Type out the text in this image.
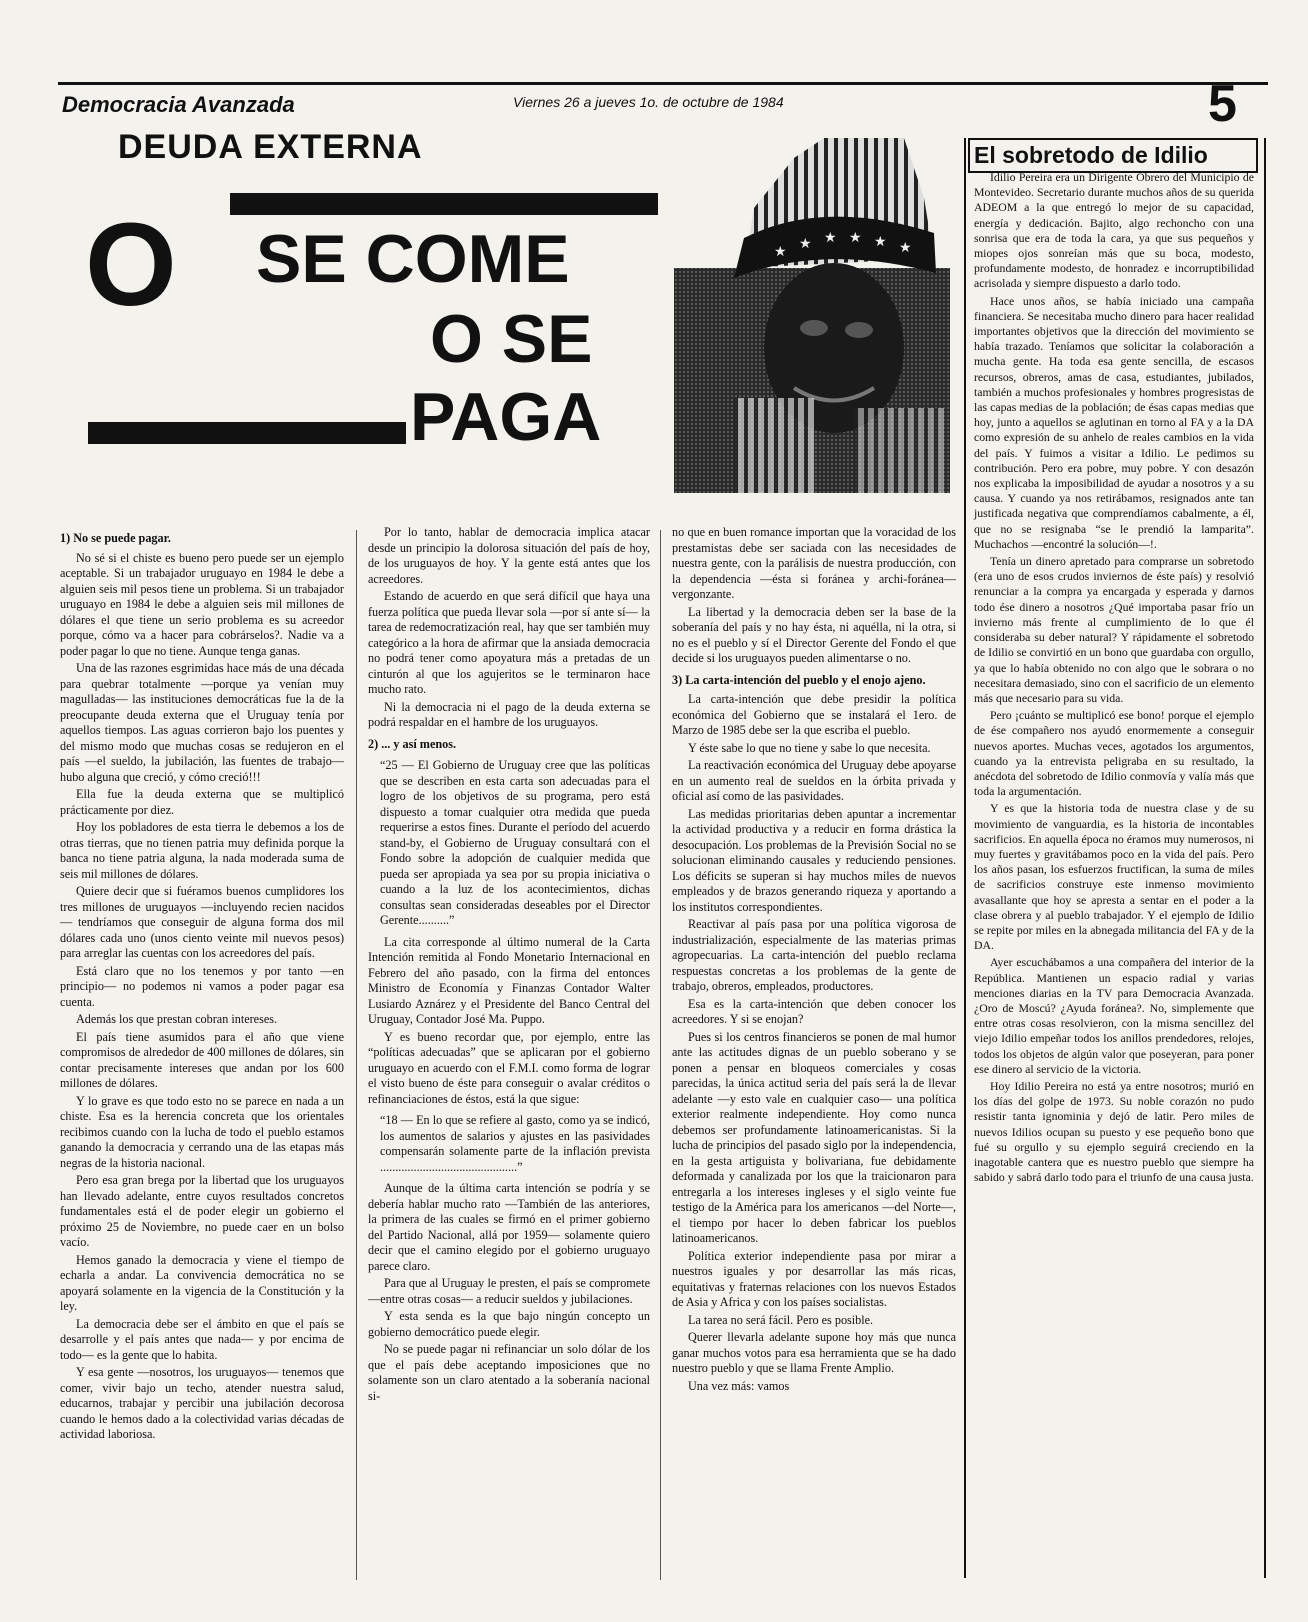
Democracia Avanzada	Viernes 26 a jueves 1o. de octubre de 1984	5
DEUDA EXTERNA
O SE COME
O SE
PAGA
★ ★ ★ ★ ★ ★

1) No se puede pagar.

No sé si el chiste es bueno pero puede ser un ejemplo aceptable. Si un trabajador uruguayo en 1984 le debe a alguien seis mil pesos tiene un problema. Si un trabajador uruguayo en 1984 le debe a alguien seis mil millones de dólares el que tiene un serio problema es su acreedor porque, cómo va a hacer para cobrárselos?. Nadie va a poder pagar lo que no tiene. Aunque tenga ganas.

Una de las razones esgrimidas hace más de una década para quebrar totalmente —porque ya venían muy magulladas— las instituciones democráticas fue la de la preocupante deuda externa que el Uruguay tenía por aquellos tiempos. Las aguas corrieron bajo los puentes y del mismo modo que muchas cosas se redujeron en el país —el sueldo, la jubilación, las fuentes de trabajo— hubo alguna que creció, y cómo creció!!!

Ella fue la deuda externa que se multiplicó prácticamente por diez.

Hoy los pobladores de esta tierra le debemos a los de otras tierras, que no tienen patria muy definida porque la banca no tiene patria alguna, la nada moderada suma de seis mil millones de dólares.

Quiere decir que si fuéramos buenos cumplidores los tres millones de uruguayos —incluyendo recien nacidos— tendríamos que conseguir de alguna forma dos mil dólares cada uno (unos ciento veinte mil nuevos pesos) para arreglar las cuentas con los acreedores del país.

Está claro que no los tenemos y por tanto —en principio— no podemos ni vamos a poder pagar esa cuenta.

Además los que prestan cobran intereses.

El país tiene asumidos para el año que viene compromisos de alrededor de 400 millones de dólares, sin contar precisamente intereses que andan por los 600 millones de dólares.

Y lo grave es que todo esto no se parece en nada a un chiste. Esa es la herencia concreta que los orientales recibimos cuando con la lucha de todo el pueblo estamos ganando la democracia y cerrando una de las etapas más negras de la historia nacional.

Pero esa gran brega por la libertad que los uruguayos han llevado adelante, entre cuyos resultados concretos fundamentales está el de poder elegir un gobierno el próximo 25 de Noviembre, no puede caer en un bolso vacío.

Hemos ganado la democracia y viene el tiempo de echarla a andar. La convivencia democrática no se apoyará solamente en la vigencia de la Constitución y la ley.

La democracia debe ser el ámbito en que el país se desarrolle y el país antes que nada— y por encima de todo— es la gente que lo habita.

Y esa gente —nosotros, los uruguayos— tenemos que comer, vivir bajo un techo, atender nuestra salud, educarnos, trabajar y percibir una jubilación decorosa cuando le hemos dado a la colectividad varias décadas de actividad laboriosa.

Por lo tanto, hablar de democracia implica atacar desde un principio la dolorosa situación del país de hoy, de los uruguayos de hoy. Y la gente está antes que los acreedores.

Estando de acuerdo en que será difícil que haya una fuerza política que pueda llevar sola —por sí ante sí— la tarea de redemocratización real, hay que ser también muy categórico a la hora de afirmar que la ansiada democracia no podrá tener como apoyatura más a pretadas de un cinturón al que los agujeritos se le terminaron hace mucho rato.

Ni la democracia ni el pago de la deuda externa se podrá respaldar en el hambre de los uruguayos.

2) ... y así menos.

“25 — El Gobierno de Uruguay cree que las políticas que se describen en esta carta son adecuadas para el logro de los objetivos de su programa, pero está dispuesto a tomar cualquier otra medida que pueda requerirse a estos fines. Durante el período del acuerdo stand-by, el Gobierno de Uruguay consultará con el Fondo sobre la adopción de cualquier medida que pueda ser apropiada ya sea por su propia iniciativa o cuando a la luz de los acontecimientos, dichas consultas sean consideradas deseables por el Director Gerente..........”

La cita corresponde al último numeral de la Carta Intención remitida al Fondo Monetario Internacional en Febrero del año pasado, con la firma del entonces Ministro de Economía y Finanzas Contador Walter Lusiardo Aznárez y el Presidente del Banco Central del Uruguay, Contador José Ma. Puppo.

Y es bueno recordar que, por ejemplo, entre las “políticas adecuadas” que se aplicaran por el gobierno uruguayo en acuerdo con el F.M.I. como forma de lograr el visto bueno de éste para conseguir o avalar créditos o refinanciaciones de éstos, está la que sigue:

“18 — En lo que se refiere al gasto, como ya se indicó, los aumentos de salarios y ajustes en las pasividades compensarán solamente parte de la inflación prevista .............................................”

Aunque de la última carta intención se podría y se debería hablar mucho rato —También de las anteriores, la primera de las cuales se firmó en el primer gobierno del Partido Nacional, allá por 1959— solamente quiero decir que el camino elegido por el gobierno uruguayo parece claro.

Para que al Uruguay le presten, el país se compromete —entre otras cosas— a reducir sueldos y jubilaciones.

Y esta senda es la que bajo ningún concepto un gobierno democrático puede elegir.

No se puede pagar ni refinanciar un solo dólar de los que el país debe aceptando imposiciones que no solamente son un claro atentado a la soberanía nacional si-

no que en buen romance importan que la voracidad de los prestamistas debe ser saciada con las necesidades de nuestra gente, con la parálisis de nuestra producción, con la dependencia —ésta si foránea y archi-foránea— vergonzante.

La libertad y la democracia deben ser la base de la soberanía del país y no hay ésta, ni aquélla, ni la otra, si no es el pueblo y sí el Director Gerente del Fondo el que decide si los uruguayos pueden alimentarse o no.

3) La carta-intención del pueblo y el enojo ajeno.

La carta-intención que debe presidir la política económica del Gobierno que se instalará el 1ero. de Marzo de 1985 debe ser la que escriba el pueblo.

Y éste sabe lo que no tiene y sabe lo que necesita.

La reactivación económica del Uruguay debe apoyarse en un aumento real de sueldos en la órbita privada y oficial así como de las pasividades.

Las medidas prioritarias deben apuntar a incrementar la actividad productiva y a reducir en forma drástica la desocupación. Los problemas de la Previsión Social no se solucionan eliminando causales y reduciendo pensiones. Los déficits se superan si hay muchos miles de nuevos empleados y de brazos generando riqueza y aportando a los institutos correspondientes.

Reactivar al país pasa por una política vigorosa de industrialización, especialmente de las materias primas agropecuarias. La carta-intención del pueblo reclama respuestas concretas a los problemas de la gente de trabajo, obreros, empleados, productores.

Esa es la carta-intención que deben conocer los acreedores. Y si se enojan?

Pues si los centros financieros se ponen de mal humor ante las actitudes dignas de un pueblo soberano y se ponen a pensar en bloqueos comerciales y cosas parecidas, la única actitud seria del país será la de llevar adelante —y esto vale en cualquier caso— una política exterior realmente independiente. Hoy como nunca debemos ser profundamente latinoamericanistas. Si la lucha de principios del pasado siglo por la independencia, en la gesta artiguista y bolivariana, fue debidamente deformada y canalizada por los que la traicionaron para entregarla a los intereses ingleses y el siglo veinte fue testigo de la América para los americanos —del Norte—, el tiempo por hacer lo deben fabricar los pueblos latinoamericanos.

Política exterior independiente pasa por mirar a nuestros iguales y por desarrollar las más ricas, equitativas y fraternas relaciones con los nuevos Estados de Asia y Africa y con los países socialistas.

La tarea no será fácil. Pero es posible.

Querer llevarla adelante supone hoy más que nunca ganar muchos votos para esa herramienta que se ha dado nuestro pueblo y que se llama Frente Amplio.

Una vez más: vamos

El sobretodo de Idilio

Idilio Pereira era un Dirigente Obrero del Municipio de Montevideo. Secretario durante muchos años de su querida ADEOM a la que entregó lo mejor de su capacidad, energía y dedicación. Bajito, algo rechoncho con una sonrisa que era de toda la cara, ya que sus pequeños y miopes ojos sonreían más que su boca, modesto, profundamente modesto, de honradez e incorruptibilidad acrisolada y siempre dispuesto a darlo todo.

Hace unos años, se había iniciado una campaña financiera. Se necesitaba mucho dinero para hacer realidad importantes objetivos que la dirección del movimiento se había trazado. Teníamos que solicitar la colaboración a mucha gente. Ha toda esa gente sencilla, de escasos recursos, obreros, amas de casa, estudiantes, jubilados, también a muchos profesionales y hombres progresistas de las capas medias de la población; de ésas capas medias que hoy, junto a aquellos se aglutinan en torno al FA y a la DA como expresión de su anhelo de reales cambios en la vida del país. Y fuimos a visitar a Idilio. Le pedimos su contribución. Pero era pobre, muy pobre. Y con desazón nos explicaba la imposibilidad de ayudar a nosotros y a su causa. Y cuando ya nos retirábamos, resignados ante tan justificada negativa que comprendíamos cabalmente, a él, que no se resignaba “se le prendió la lamparita”. Muchachos —encontré la solución—!.

Tenía un dinero apretado para comprarse un sobretodo (era uno de esos crudos inviernos de éste país) y resolvió renunciar a la compra ya encargada y esperada y darnos todo ése dinero a nosotros ¿Qué importaba pasar frío un invierno más frente al cumplimiento de lo que él consideraba su deber natural? Y rápidamente el sobretodo de Idilio se convirtió en un bono que guardaba con orgullo, ya que lo había obtenido no con algo que le sobrara o no necesitara demasiado, sino con el sacrificio de un elemento más que necesario para su vida.

Pero ¡cuánto se multiplicó ese bono! porque el ejemplo de ése compañero nos ayudó enormemente a conseguir nuevos aportes. Muchas veces, agotados los argumentos, cuando ya la entrevista peligraba en su resultado, la anécdota del sobretodo de Idilio conmovía y valía más que toda la argumentación.

Y es que la historia toda de nuestra clase y de su movimiento de vanguardia, es la historia de incontables sacrificios. En aquella época no éramos muy numerosos, ni muy fuertes y gravitábamos poco en la vida del país. Pero los años pasan, los esfuerzos fructifican, la suma de miles de sacrificios construye este inmenso movimiento avasallante que hoy se apresta a sentar en el poder a la clase obrera y al pueblo trabajador. Y el ejemplo de Idilio se repite por miles en la abnegada militancia del FA y de la DA.

Ayer escuchábamos a una compañera del interior de la República. Mantienen un espacio radial y varias menciones diarias en la TV para Democracia Avanzada. ¿Oro de Moscú? ¿Ayuda foránea?. No, simplemente que entre otras cosas resolvieron, con la misma sencillez del viejo Idilio empeñar todos los anillos prendedores, relojes, todos los objetos de algún valor que poseyeran, para poner ese dinero al servicio de la victoria.

Hoy Idilio Pereira no está ya entre nosotros; murió en los días del golpe de 1973. Su noble corazón no pudo resistir tanta ignominia y dejó de latir. Pero miles de nuevos Idilios ocupan su puesto y ese pequeño bono que fué su orgullo y su ejemplo seguirá creciendo en la inagotable cantera que es nuestro pueblo que siempre ha sabido y sabrá darlo todo para el triunfo de una causa justa.
